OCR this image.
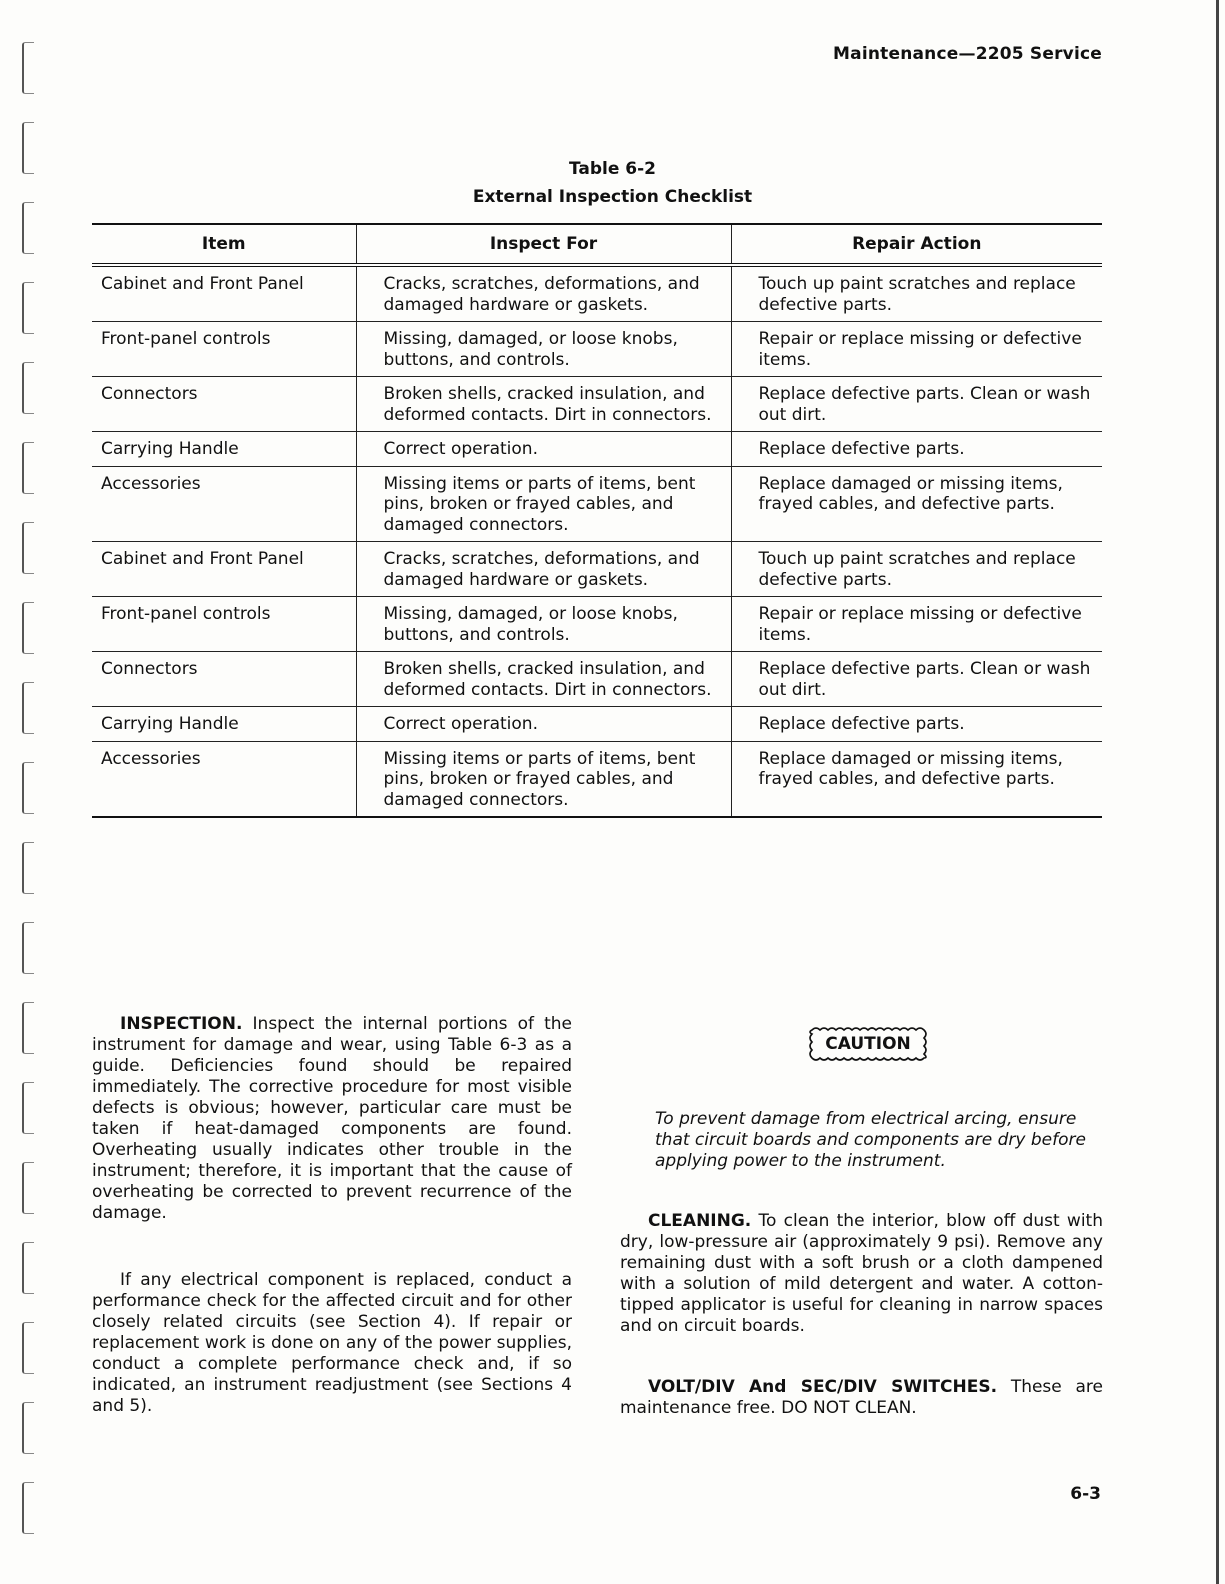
Maintenance—2205 Service
Table 6-2
External Inspection Checklist
Item	Inspect For	Repair Action
Cabinet and Front Panel	Cracks, scratches, deformations, and damaged hardware or gaskets.	Touch up paint scratches and replace defective parts.
Front-panel controls	Missing, damaged, or loose knobs, buttons, and controls.	Repair or replace missing or defective items.
Connectors	Broken shells, cracked insulation, and deformed contacts. Dirt in connectors.	Replace defective parts. Clean or wash out dirt.
Carrying Handle	Correct operation.	Replace defective parts.
Accessories	Missing items or parts of items, bent pins, broken or frayed cables, and damaged connectors.	Replace damaged or missing items, frayed cables, and defective parts.
Cabinet and Front Panel	Cracks, scratches, deformations, and damaged hardware or gaskets.	Touch up paint scratches and replace defective parts.
Front-panel controls	Missing, damaged, or loose knobs, buttons, and controls.	Repair or replace missing or defective items.
Connectors	Broken shells, cracked insulation, and deformed contacts. Dirt in connectors.	Replace defective parts. Clean or wash out dirt.
Carrying Handle	Correct operation.	Replace defective parts.
Accessories	Missing items or parts of items, bent pins, broken or frayed cables, and damaged connectors.	Replace damaged or missing items, frayed cables, and defective parts.
INSPECTION. Inspect the internal portions of the instrument for damage and wear, using Table 6-3 as a guide. Deficiencies found should be repaired immediately. The corrective procedure for most visible defects is obvious; however, particular care must be taken if heat-damaged components are found. Overheating usually indicates other trouble in the instrument; therefore, it is important that the cause of overheating be corrected to prevent recurrence of the damage.
If any electrical component is replaced, conduct a performance check for the affected circuit and for other closely related circuits (see Section 4). If repair or replacement work is done on any of the power supplies, conduct a complete performance check and, if so indicated, an instrument readjustment (see Sections 4 and 5).
CAUTION
To prevent damage from electrical arcing, ensure that circuit boards and components are dry before applying power to the instrument.
CLEANING. To clean the interior, blow off dust with dry, low-pressure air (approximately 9 psi). Remove any remaining dust with a soft brush or a cloth dampened with a solution of mild detergent and water. A cotton-tipped applicator is useful for cleaning in narrow spaces and on circuit boards.
VOLT/DIV And SEC/DIV SWITCHES. These are maintenance free. DO NOT CLEAN.
6-3
